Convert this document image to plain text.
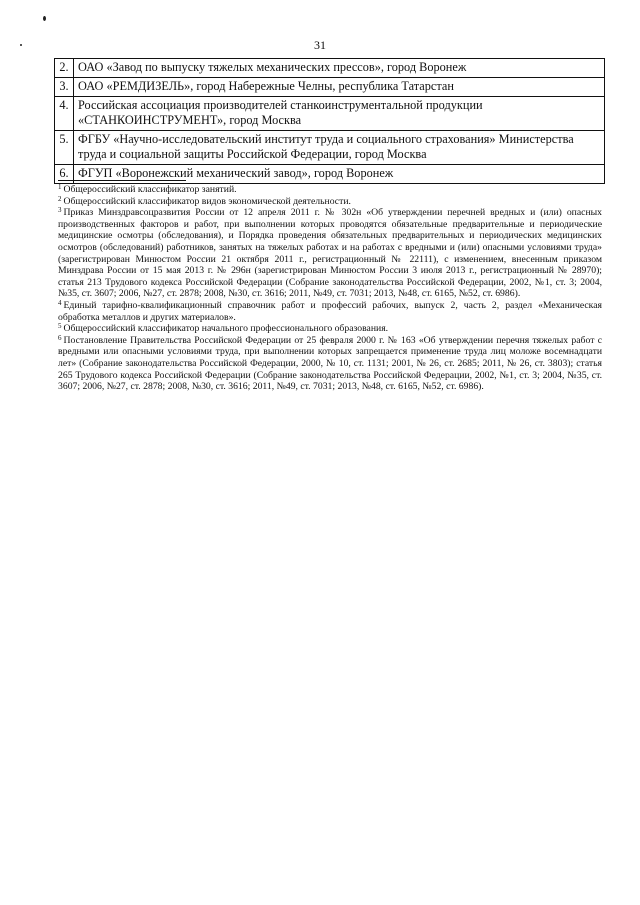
31
2.	ОАО «Завод по выпуску тяжелых механических прессов», город Воронеж
3.	ОАО «РЕМДИЗЕЛЬ», город Набережные Челны, республика Татарстан
4.	Российская ассоциация производителей станкоинструментальной продукции «СТАНКОИНСТРУМЕНТ», город Москва
5.	ФГБУ «Научно-исследовательский институт труда и социального страхования» Министерства труда и социальной защиты Российской Федерации, город Москва
6.	ФГУП «Воронежский механический завод», город Воронеж

$^1$ Общероссийский классификатор занятий.

$^2$ Общероссийский классификатор видов экономической деятельности.

$^3$ Приказ Минздравсоцразвития России от 12 апреля 2011 г. № 302н «Об утверждении перечней вредных и (или) опасных производственных факторов и работ, при выполнении которых проводятся обязательные предварительные и периодические медицинские осмотры (обследования), и Порядка проведения обязательных предварительных и периодических медицинских осмотров (обследований) работников, занятых на тяжелых работах и на работах с вредными и (или) опасными условиями труда» (зарегистрирован Минюстом России 21 октября 2011 г., регистрационный № 22111), с изменением, внесенным приказом Минздрава России от 15 мая 2013 г. № 296н (зарегистрирован Минюстом России 3 июля 2013 г., регистрационный № 28970); статья 213 Трудового кодекса Российской Федерации (Собрание законодательства Российской Федерации, 2002, №1, ст. 3; 2004, №35, ст. 3607; 2006, №27, ст. 2878; 2008, №30, ст. 3616; 2011, №49, ст. 7031; 2013, №48, ст. 6165, №52, ст. 6986).

$^4$ Единый тарифно-квалификационный справочник работ и профессий рабочих, выпуск 2, часть 2, раздел «Механическая обработка металлов и других материалов».

$^5$ Общероссийский классификатор начального профессионального образования.

$^6$ Постановление Правительства Российской Федерации от 25 февраля 2000 г. № 163 «Об утверждении перечня тяжелых работ с вредными или опасными условиями труда, при выполнении которых запрещается применение труда лиц моложе восемнадцати лет» (Собрание законодательства Российской Федерации, 2000, № 10, ст. 1131; 2001, № 26, ст. 2685; 2011, № 26, ст. 3803); статья 265 Трудового кодекса Российской Федерации (Собрание законодательства Российской Федерации, 2002, №1, ст. 3; 2004, №35, ст. 3607; 2006, №27, ст. 2878; 2008, №30, ст. 3616; 2011, №49, ст. 7031; 2013, №48, ст. 6165, №52, ст. 6986).
